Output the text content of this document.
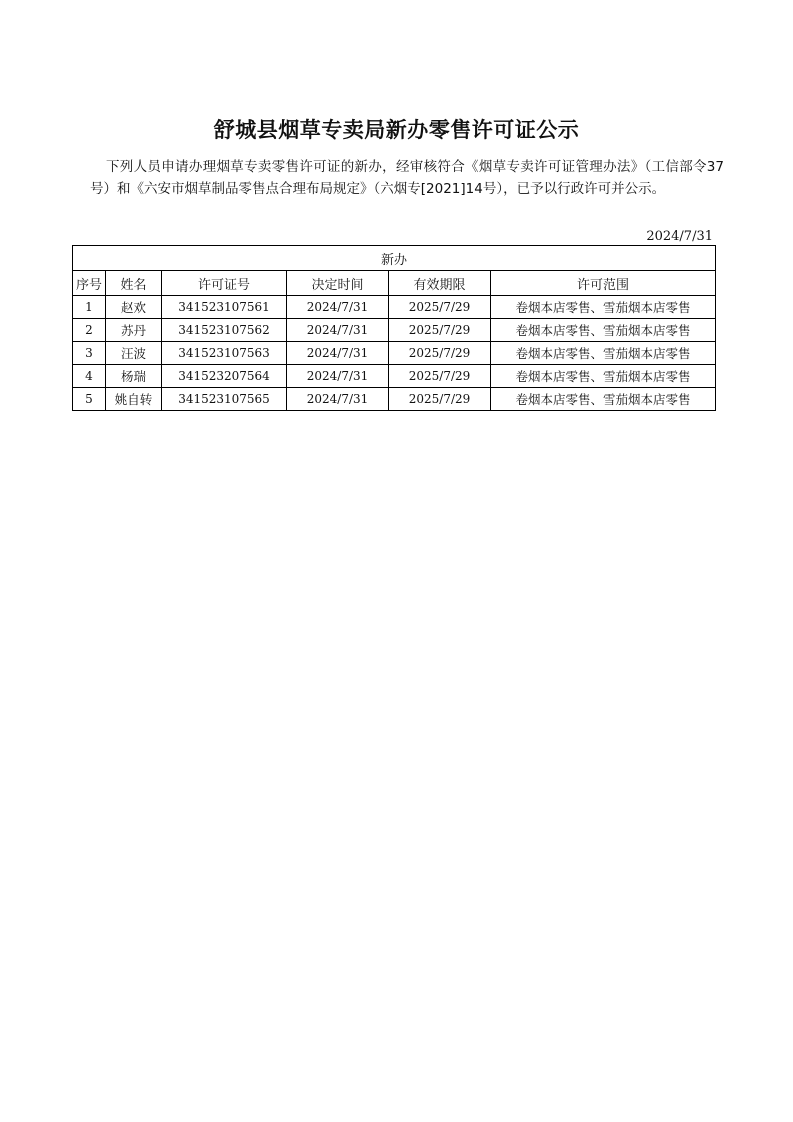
舒城县烟草专卖局新办零售许可证公示
下列人员申请办理烟草专卖零售许可证的新办，经审核符合《烟草专卖许可证管理办法》（工信部令37号）和《六安市烟草制品零售点合理布局规定》（六烟专[2021]14号），已予以行政许可并公示。
2024/7/31
新办					
序号	姓名	许可证号	决定时间	有效期限	许可范围
1	赵欢	341523107561	2024/7/31	2025/7/29	卷烟本店零售、雪茄烟本店零售
2	苏丹	341523107562	2024/7/31	2025/7/29	卷烟本店零售、雪茄烟本店零售
3	汪波	341523107563	2024/7/31	2025/7/29	卷烟本店零售、雪茄烟本店零售
4	杨瑞	341523207564	2024/7/31	2025/7/29	卷烟本店零售、雪茄烟本店零售
5	姚自转	341523107565	2024/7/31	2025/7/29	卷烟本店零售、雪茄烟本店零售
